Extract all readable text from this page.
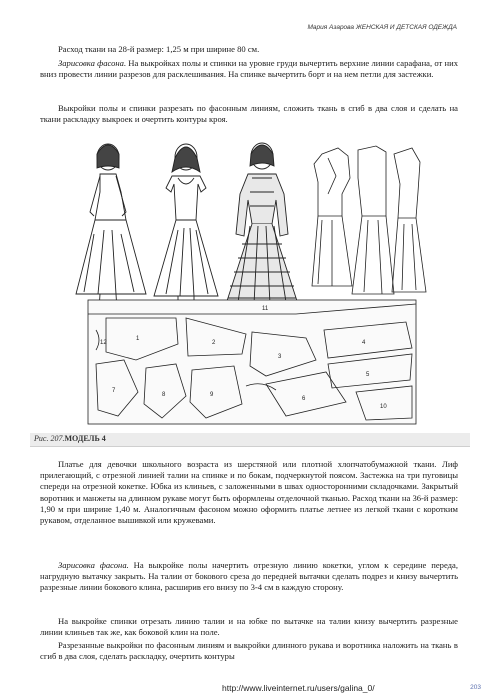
Мария Азарова ЖЕНСКАЯ И ДЕТСКАЯ ОДЕЖДА

Расход ткани на 28-й размер: 1,25 м при ширине 80 см.

Зарисовка фасона. На выкройках полы и спинки на уровне груди вычертить верхние линии сарафана, от них вниз провести линии разрезов для расклешивания. На спинке вычертить борт и на нем петли для застежки.

Выкройки полы и спинки разрезать по фасонным линиям, сложить ткань в сгиб в два слоя и сделать на ткани раскладку выкроек и очертить контуры кроя.

1
2
3
4
5
6
7
8	9
10
11
12
Рис. 207.МОДЕЛЬ 4

Платье для девочки школьного возраста из шерстяной или плотной хлопчатобумажной ткани. Лиф прилегающий, с отрезной линией талии на спинке и по бокам, подчеркнутой поясом. Застежка на три пуговицы спереди на отрезной кокетке. Юбка из клиньев, с заложенными в швах односторонними складочками. Закрытый воротник и манжеты на длинном рукаве могут быть оформлены отделочной тканью. Расход ткани на 36-й размер: 1,90 м при ширине 1,40 м. Аналогичным фасоном можно оформить платье летнее из легкой ткани с коротким рукавом, отделанное вышивкой или кружевами.

Зарисовка фасона. На выкройке полы начертить отрезную линию кокетки, углом к середине переда, нагрудную вытачку закрыть. На талии от бокового среза до передней вытачки сделать подрез и книзу вычертить разрезные линии бокового клина, расширив его внизу по 3-4 см в каждую сторону.

На выкройке спинки отрезать линию талии и на юбке по вытачке на талии книзу вычертить разрезные линии клиньев так же, как боковой клин на поле.

Разрезанные выкройки по фасонным линиям и выкройки длинного рукава и воротника наложить на ткань в сгиб в два слоя, сделать раскладку, очертить контуры

http://www.liveinternet.ru/users/galina_0/	203
